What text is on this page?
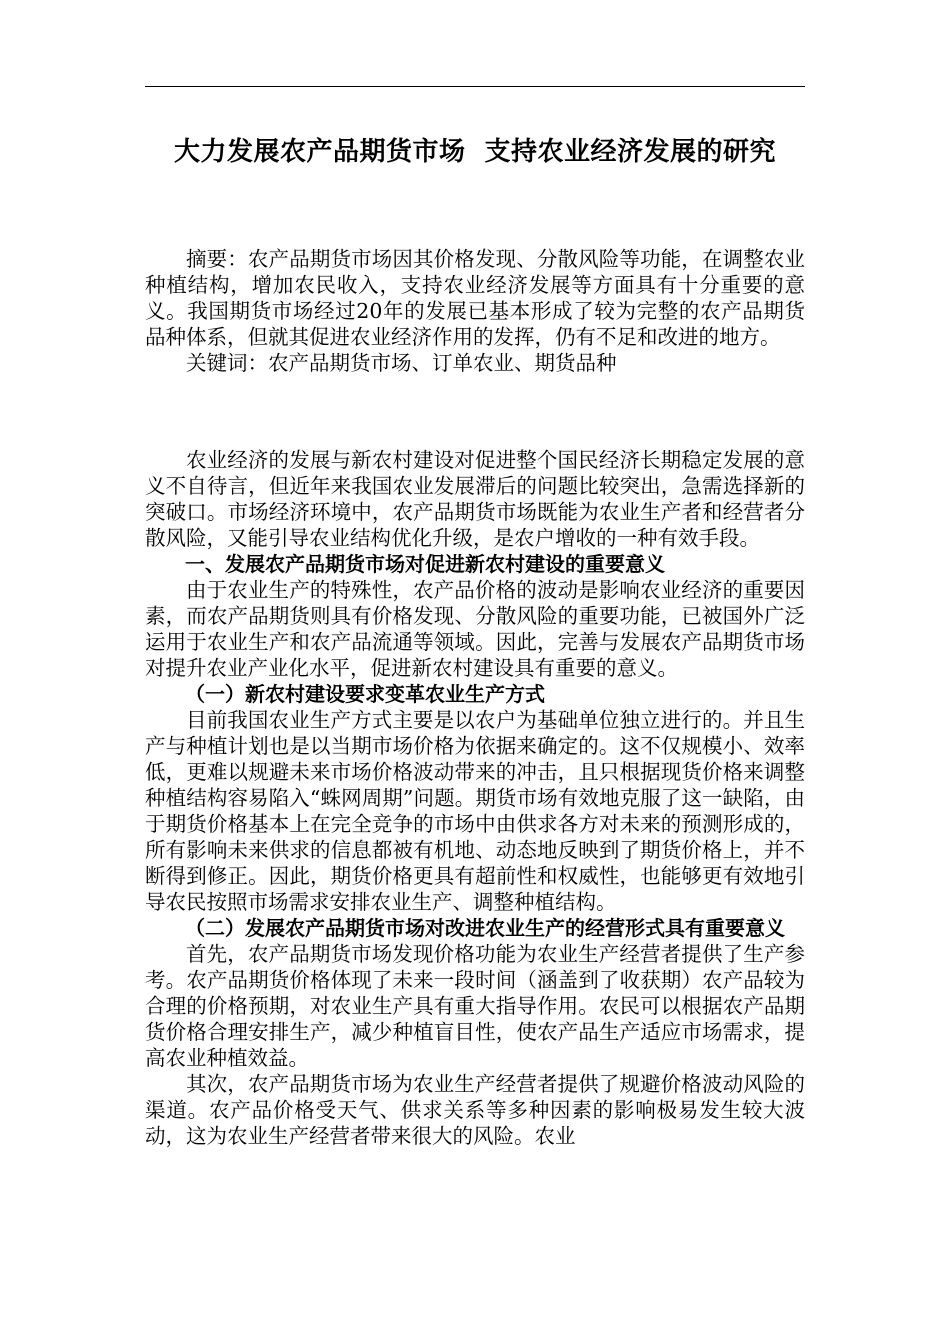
大力发展农产品期货市场  支持农业经济发展的研究

摘要：农产品期货市场因其价格发现、分散风险等功能，在调整农业种植结构，增加农民收入，支持农业经济发展等方面具有十分重要的意义。我国期货市场经过20年的发展已基本形成了较为完整的农产品期货品种体系，但就其促进农业经济作用的发挥，仍有不足和改进的地方。

关键词：农产品期货市场、订单农业、期货品种

农业经济的发展与新农村建设对促进整个国民经济长期稳定发展的意义不自待言，但近年来我国农业发展滞后的问题比较突出，急需选择新的突破口。市场经济环境中，农产品期货市场既能为农业生产者和经营者分散风险，又能引导农业结构优化升级，是农户增收的一种有效手段。

一、发展农产品期货市场对促进新农村建设的重要意义

由于农业生产的特殊性，农产品价格的波动是影响农业经济的重要因素，而农产品期货则具有价格发现、分散风险的重要功能，已被国外广泛运用于农业生产和农产品流通等领域。因此，完善与发展农产品期货市场对提升农业产业化水平，促进新农村建设具有重要的意义。

（一）新农村建设要求变革农业生产方式

目前我国农业生产方式主要是以农户为基础单位独立进行的。并且生产与种植计划也是以当期市场价格为依据来确定的。这不仅规模小、效率低，更难以规避未来市场价格波动带来的冲击，且只根据现货价格来调整种植结构容易陷入“蛛网周期”问题。期货市场有效地克服了这一缺陷，由于期货价格基本上在完全竞争的市场中由供求各方对未来的预测形成的，所有影响未来供求的信息都被有机地、动态地反映到了期货价格上，并不断得到修正。因此，期货价格更具有超前性和权威性，也能够更有效地引导农民按照市场需求安排农业生产、调整种植结构。

（二）发展农产品期货市场对改进农业生产的经营形式具有重要意义

首先，农产品期货市场发现价格功能为农业生产经营者提供了生产参考。农产品期货价格体现了未来一段时间（涵盖到了收获期）农产品较为合理的价格预期，对农业生产具有重大指导作用。农民可以根据农产品期货价格合理安排生产，减少种植盲目性，使农产品生产适应市场需求，提高农业种植效益。

其次，农产品期货市场为农业生产经营者提供了规避价格波动风险的渠道。农产品价格受天气、供求关系等多种因素的影响极易发生较大波动，这为农业生产经营者带来很大的风险。农业
